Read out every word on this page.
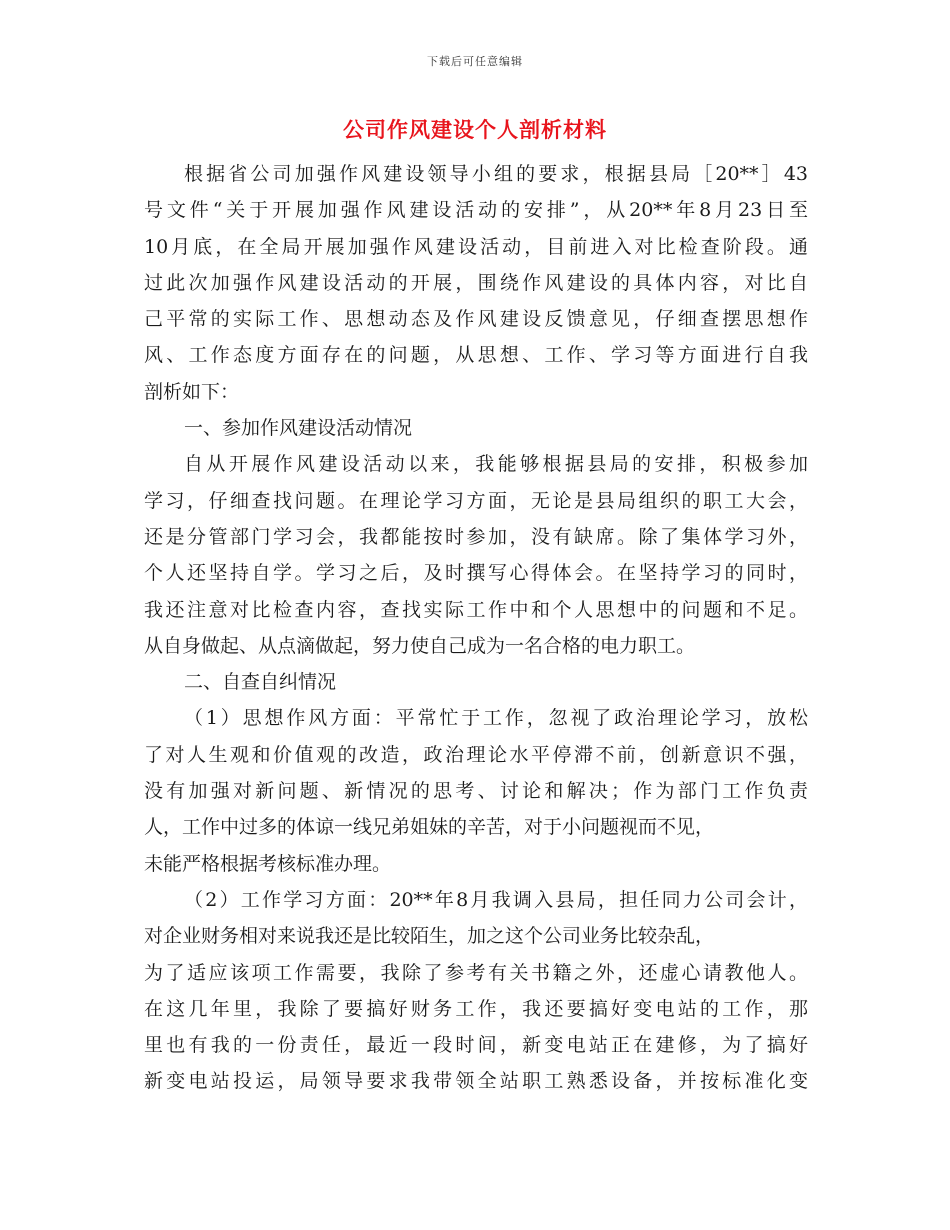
下载后可任意编辑
公司作风建设个人剖析材料
根据省公司加强作风建设领导小组的要求，根据县局［20**］43
号文件“关于开展加强作风建设活动的安排”，从20**年8月23日至
10月底，在全局开展加强作风建设活动，目前进入对比检查阶段。通
过此次加强作风建设活动的开展，围绕作风建设的具体内容，对比自
己平常的实际工作、思想动态及作风建设反馈意见，仔细查摆思想作
风、工作态度方面存在的问题，从思想、工作、学习等方面进行自我
剖析如下：
一、参加作风建设活动情况
自从开展作风建设活动以来，我能够根据县局的安排，积极参加
学习，仔细查找问题。在理论学习方面，无论是县局组织的职工大会，
还是分管部门学习会，我都能按时参加，没有缺席。除了集体学习外，
个人还坚持自学。学习之后，及时撰写心得体会。在坚持学习的同时，
我还注意对比检查内容，查找实际工作中和个人思想中的问题和不足。
从自身做起、从点滴做起，努力使自己成为一名合格的电力职工。
二、自查自纠情况
（1）思想作风方面：平常忙于工作，忽视了政治理论学习，放松
了对人生观和价值观的改造，政治理论水平停滞不前，创新意识不强，
没有加强对新问题、新情况的思考、讨论和解决；作为部门工作负责
人，工作中过多的体谅一线兄弟姐妹的辛苦，对于小问题视而不见，
未能严格根据考核标准办理。
（2）工作学习方面：20**年8月我调入县局，担任同力公司会计，
对企业财务相对来说我还是比较陌生，加之这个公司业务比较杂乱，
为了适应该项工作需要，我除了参考有关书籍之外，还虚心请教他人。
在这几年里，我除了要搞好财务工作，我还要搞好变电站的工作，那
里也有我的一份责任，最近一段时间，新变电站正在建修，为了搞好
新变电站投运，局领导要求我带领全站职工熟悉设备，并按标准化变
